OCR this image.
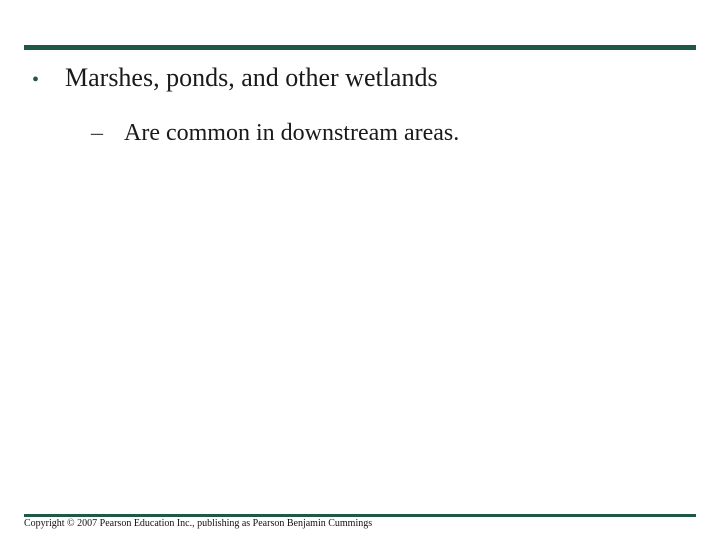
• Marshes, ponds, and other wetlands
– Are common in downstream areas.
Copyright © 2007 Pearson Education Inc., publishing as Pearson Benjamin Cummings
